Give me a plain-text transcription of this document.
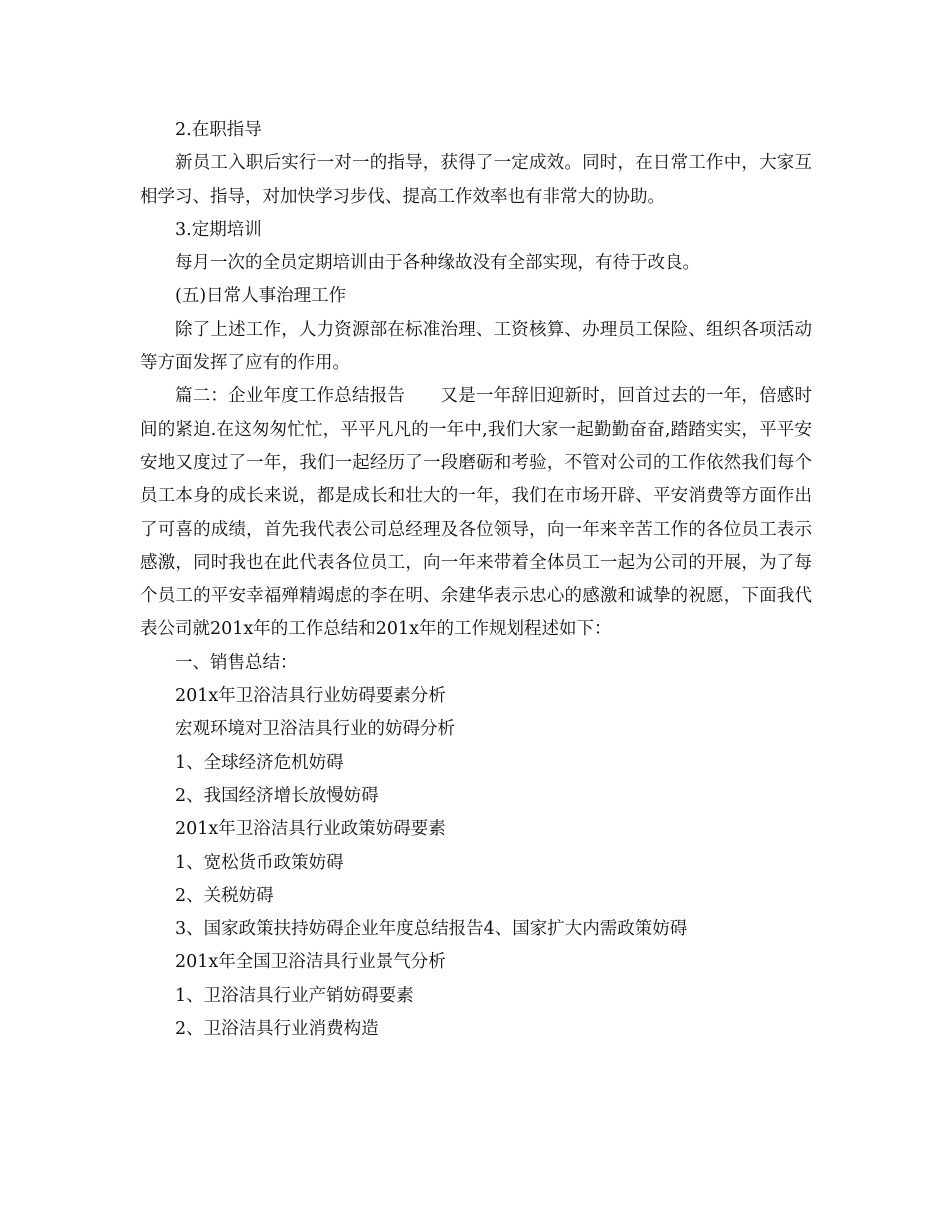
2.在职指导

新员工入职后实行一对一的指导，获得了一定成效。同时，在日常工作中，大家互相学习、指导，对加快学习步伐、提高工作效率也有非常大的协助。

3.定期培训

每月一次的全员定期培训由于各种缘故没有全部实现，有待于改良。

(五)日常人事治理工作

除了上述工作，人力资源部在标准治理、工资核算、办理员工保险、组织各项活动等方面发挥了应有的作用。

篇二：企业年度工作总结报告　　又是一年辞旧迎新时，回首过去的一年，倍感时间的紧迫.在这匆匆忙忙，平平凡凡的一年中,我们大家一起勤勤奋奋,踏踏实实，平平安安地又度过了一年，我们一起经历了一段磨砺和考验，不管对公司的工作依然我们每个员工本身的成长来说，都是成长和壮大的一年，我们在市场开辟、平安消费等方面作出了可喜的成绩，首先我代表公司总经理及各位领导，向一年来辛苦工作的各位员工表示感激，同时我也在此代表各位员工，向一年来带着全体员工一起为公司的开展，为了每个员工的平安幸福殚精竭虑的李在明、余建华表示忠心的感激和诚挚的祝愿，下面我代表公司就201x年的工作总结和201x年的工作规划程述如下：

一、销售总结：

201x年卫浴洁具行业妨碍要素分析

宏观环境对卫浴洁具行业的妨碍分析

1、全球经济危机妨碍

2、我国经济增长放慢妨碍

201x年卫浴洁具行业政策妨碍要素

1、宽松货币政策妨碍

2、关税妨碍

3、国家政策扶持妨碍企业年度总结报告4、国家扩大内需政策妨碍

201x年全国卫浴洁具行业景气分析

1、卫浴洁具行业产销妨碍要素

2、卫浴洁具行业消费构造
